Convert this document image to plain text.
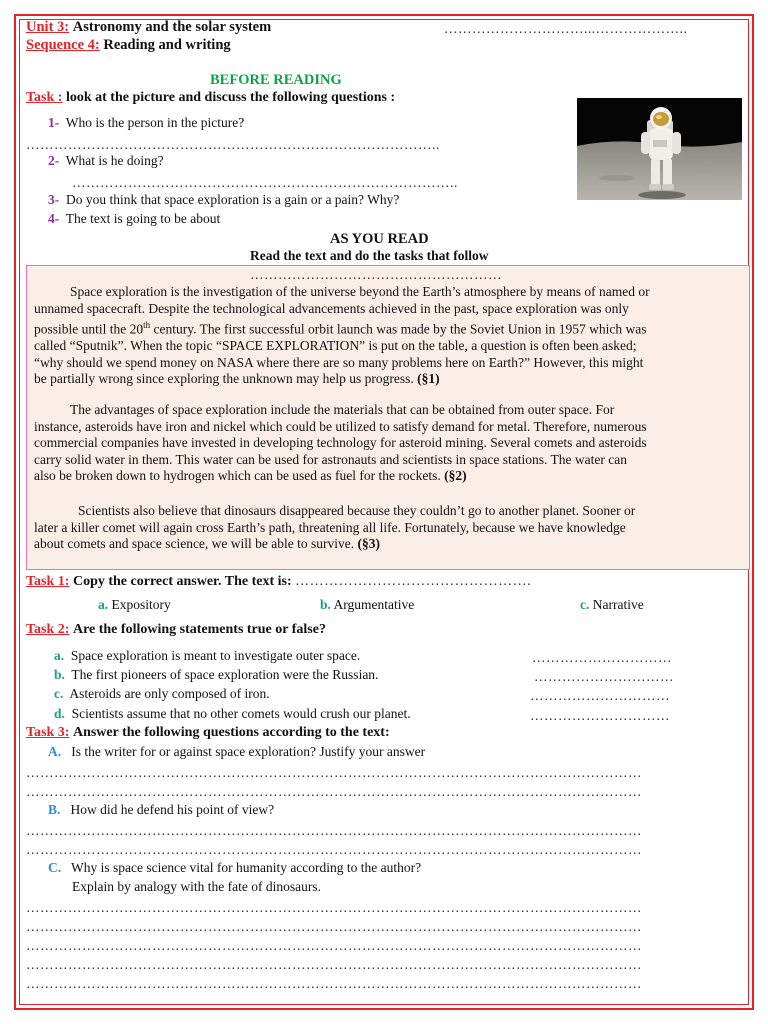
Unit 3: Astronomy and the solar system	…………………………...………………..
Sequence 4: Reading and writing
BEFORE READING
Task : look at the picture and discuss the following questions :
1- Who is the person in the picture?
……………………………………………………………………………..
2- What is he doing?
………………………………………………………………………..
3- Do you think that space exploration is a gain or a pain? Why?
4- The text is going to be about
AS YOU READ
Read the text and do the tasks that follow
………………………………………………
Space exploration is the investigation of the universe beyond the Earth’s atmosphere by means of named or
unnamed spacecraft. Despite the technological advancements achieved in the past, space exploration was only
possible until the 20th century. The first successful orbit launch was made by the Soviet Union in 1957 which was
called “Sputnik”. When the topic “SPACE EXPLORATION” is put on the table, a question is often been asked;
“why should we spend money on NASA where there are so many problems here on Earth?” However, this might
be partially wrong since exploring the unknown may help us progress. (§1)
The advantages of space exploration include the materials that can be obtained from outer space. For
instance, asteroids have iron and nickel which could be utilized to satisfy demand for metal. Therefore, numerous
commercial companies have invested in developing technology for asteroid mining. Several comets and asteroids
carry solid water in them. This water can be used for astronauts and scientists in space stations. The water can
also be broken down to hydrogen which can be used as fuel for the rockets. (§2)
Scientists also believe that dinosaurs disappeared because they couldn’t go to another planet. Sooner or
later a killer comet will again cross Earth’s path, threatening all life. Fortunately, because we have knowledge
about comets and space science, we will be able to survive. (§3)
Task 1: Copy the correct answer. The text is: ………………………………………….
a. Expository	b. Argumentative	c. Narrative
Task 2: Are the following statements true or false?
a. Space exploration is meant to investigate outer space.	…………………………
b. The first pioneers of space exploration were the Russian.	…………………………
c. Asteroids are only composed of iron.	…………………………
d. Scientists assume that no other comets would crush our planet.	…………………………
Task 3: Answer the following questions according to the text:
A. Is the writer for or against space exploration? Justify your answer
……………………………………………………………………………………………………………………
……………………………………………………………………………………………………………………
B. How did he defend his point of view?
……………………………………………………………………………………………………………………
……………………………………………………………………………………………………………………
C. Why is space science vital for humanity according to the author?
Explain by analogy with the fate of dinosaurs.
……………………………………………………………………………………………………………………
……………………………………………………………………………………………………………………
……………………………………………………………………………………………………………………
……………………………………………………………………………………………………………………
……………………………………………………………………………………………………………………
